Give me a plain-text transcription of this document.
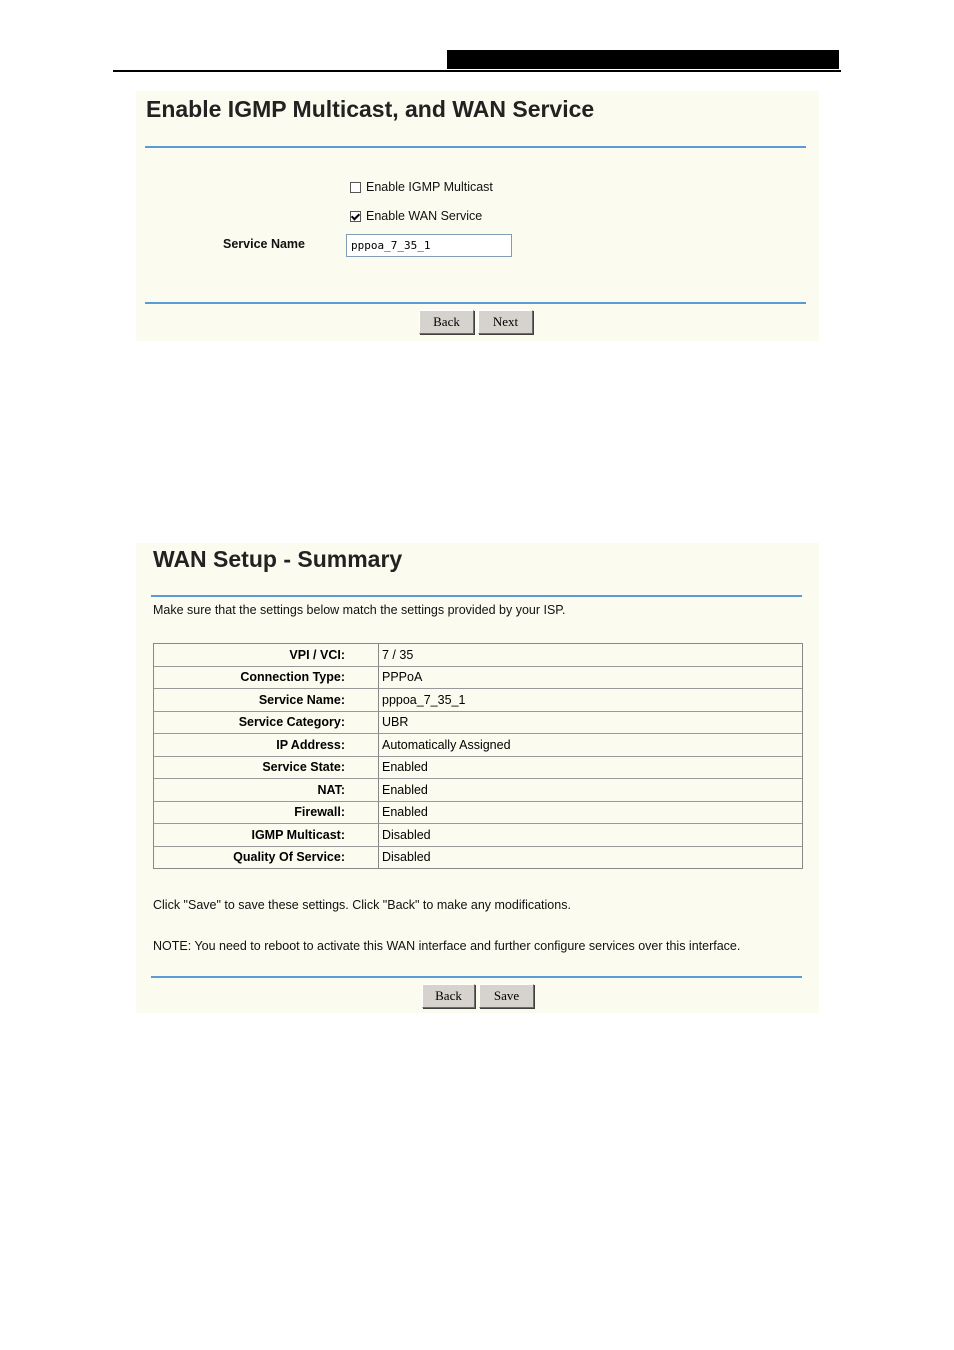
Enable IGMP Multicast, and WAN Service
Enable IGMP Multicast
Enable WAN Service
Service Name
pppoa_7_35_1
Back	Next
WAN Setup - Summary
Make sure that the settings below match the settings provided by your ISP.
VPI / VCI:	7 / 35
Connection Type:	PPPoA
Service Name:	pppoa_7_35_1
Service Category:	UBR
IP Address:	Automatically Assigned
Service State:	Enabled
NAT:	Enabled
Firewall:	Enabled
IGMP Multicast:	Disabled
Quality Of Service:	Disabled
Click "Save" to save these settings. Click "Back" to make any modifications.
NOTE: You need to reboot to activate this WAN interface and further configure services over this interface.
Back	Save
